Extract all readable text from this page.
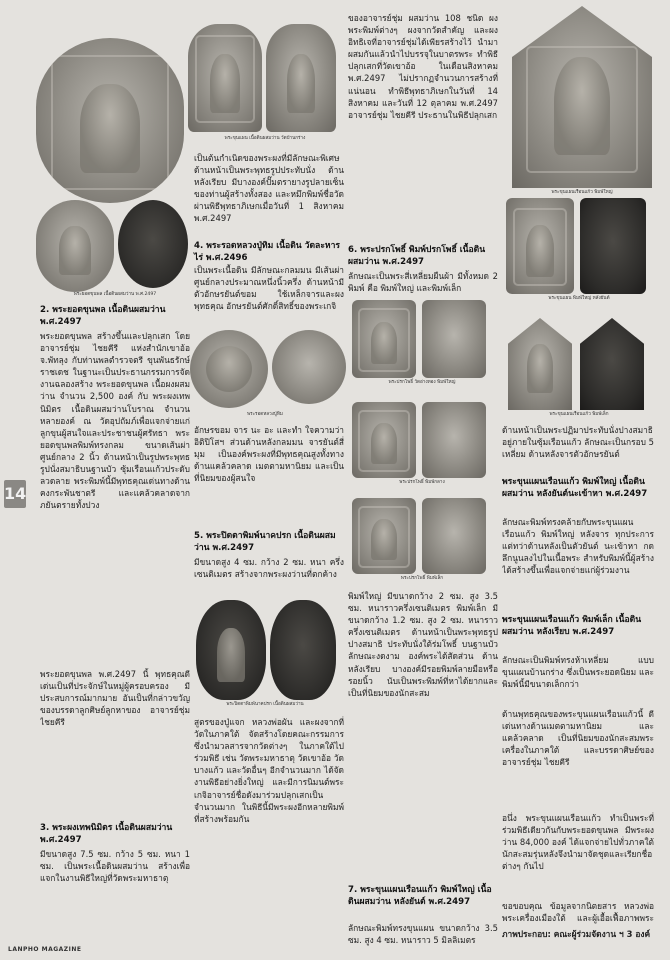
พระยอดขุนพล เนื้อดินผสมว่าน พ.ศ.2497
พระขุนแผน เนื้อดินผสมว่าน วัดบ้านกร่าง
2. พระยอดขุนพล เนื้อดินผสมว่าน พ.ศ.2497
พระยอดขุนพล สร้างขึ้นและปลุกเสก โดย อาจารย์ชุ่ม ไชยคีรี แห่งสำนักเขาอ้อ จ.พัทลุง กับท่านพลตำรวจตรี ขุนพันธรักษ์ราชเดช ในฐานะเป็นประธานกรรมการจัดงานฉลองสร้าง พระยอดขุนพล เนื้อผงผสมว่าน จำนวน 2,500 องค์ กับ พระผงเทพนิมิตร เนื้อดินผสมว่านโบราณ จำนวนหลายองค์ ณ วัดอุปถัมภ์เพื่อแจกจ่ายแก่ลูกขุนผู้สนใจและประชาชนผู้ศรัทธา พระยอดขุนพลพิมพ์ทรงกลม ขนาดเส้นผ่าศูนย์กลาง 2 นิ้ว ด้านหน้าเป็นรูปพระพุทธรูปนั่งสมาธิบนฐานบัว ซุ้มเรือนแก้วประดับลวดลาย พระพิมพ์นี้มีพุทธคุณเด่นทางด้านคงกระพันชาตรี และแคล้วคลาดจากภยันตรายทั้งปวง
พระยอดขุนพล พ.ศ.2497 นี้ พุทธคุณดีเด่นเป็นที่ประจักษ์ในหมู่ผู้ครอบครอง มีประสบการณ์มากมาย อันเป็นที่กล่าวขวัญของบรรดาลูกศิษย์ลูกหาของ อาจารย์ชุ่ม ไชยคีรี
3. พระผงเทพนิมิตร เนื้อดินผสมว่าน พ.ศ.2497
มีขนาดสูง 7.5 ซม. กว้าง 5 ซม. หนา 1 ซม. เป็นพระเนื้อดินผสมว่าน สร้างเพื่อแจกในงานพิธีใหญ่ที่วัดพระมหาธาตุ
เป็นต้นกำเนิดของพระผงที่มีลักษณะพิเศษ ด้านหน้าเป็นพระพุทธรูปประทับนั่ง ด้านหลังเรียบ มีบางองค์ปั๊มตรายางรูปลายเซ็นของท่านผู้สร้างทั้งสอง และหมึกพิมพ์ชื่อวัด ผ่านพิธีพุทธาภิเษกเมื่อวันที่ 1 สิงหาคม พ.ศ.2497
4. พระรอดหลวงปู่ทิม เนื้อดิน วัดละหารไร่ พ.ศ.2496
เป็นพระเนื้อดิน มีลักษณะกลมมน มีเส้นผ่าศูนย์กลางประมาณหนึ่งนิ้วครึ่ง ด้านหน้ามีตัวอักษรยันต์ขอม ใช้เหล็กจารและผงพุทธคุณ อักษรยันต์ศักดิ์สิทธิ์ของพระเกจิ
พระรอดหลวงปู่ทิม
อักษรขอม จาร นะ อะ และทำ ใจความว่าอิติปิโสฯ ส่วนด้านหลังกลมมน จารยันต์สี่มุม เป็นองค์พระผงที่มีพุทธคุณสูงทั้งทางด้านแคล้วคลาด เมตตามหานิยม และเป็นที่นิยมของผู้สนใจ
5. พระปิดตาพิมพ์นาคปรก เนื้อดินผสมว่าน พ.ศ.2497
มีขนาดสูง 4 ซม. กว้าง 2 ซม. หนา ครึ่งเซนติเมตร สร้างจากพระผงว่านที่ตกค้าง
พระปิดตาพิมพ์นาคปรก เนื้อดินผสมว่าน
สูตรของปู่แจก หลวงพ่อผัน และผงจากที่วัดในภาคใต้ จัดสร้างโดยคณะกรรมการ ซึ่งนำมวลสารจากวัดต่างๆ ในภาคใต้ไปร่วมพิธี เช่น วัดพระมหาธาตุ วัดเขาอ้อ วัดบางแก้ว และวัดอื่นๆ อีกจำนวนมาก ได้จัดงานพิธีอย่างยิ่งใหญ่ และมีการนิมนต์พระเกจิอาจารย์ชื่อดังมาร่วมปลุกเสกเป็นจำนวนมาก ในพิธีนี้มีพระผงอีกหลายพิมพ์ที่สร้างพร้อมกัน
ของอาจารย์ชุ่ม ผสมว่าน 108 ชนิด ผงพระพิมพ์ต่างๆ ผงจากวัดสำคัญ และผงอิทธิเจที่อาจารย์ชุ่มได้เพียรสร้างไว้ นำมาผสมกันแล้วนำไปบรรจุในบาตรพระ ทำพิธีปลุกเสกที่วัดเขาอ้อ ในเดือนสิงหาคม พ.ศ.2497 ไม่ปรากฏจำนวนการสร้างที่แน่นอน ทำพิธีพุทธาภิเษกในวันที่ 14 สิงหาคม และวันที่ 12 ตุลาคม พ.ศ.2497 อาจารย์ชุ่ม ไชยคีรี ประธานในพิธีปลุกเสก
6. พระปรกโพธิ์ พิมพ์ปรกโพธิ์ เนื้อดินผสมว่าน พ.ศ.2497
ลักษณะเป็นพระสี่เหลี่ยมผืนผ้า มีทั้งหมด 2 พิมพ์ คือ พิมพ์ใหญ่ และพิมพ์เล็ก
พระปรกโพธิ์ วัดอ่างทอง พิมพ์ใหญ่
พระปรกโพธิ์ พิมพ์กลาง
พระปรกโพธิ์ พิมพ์เล็ก
พิมพ์ใหญ่ มีขนาดกว้าง 2 ซม. สูง 3.5 ซม. หนาราวครึ่งเซนติเมตร พิมพ์เล็ก มีขนาดกว้าง 1.2 ซม. สูง 2 ซม. หนาราวครึ่งเซนติเมตร ด้านหน้าเป็นพระพุทธรูปปางสมาธิ ประทับนั่งใต้ร่มโพธิ์ บนฐานบัว ลักษณะงดงาม องค์พระได้สัดส่วน ด้านหลังเรียบ บางองค์มีรอยพิมพ์ลายมือหรือรอยนิ้ว นับเป็นพระพิมพ์ที่หาได้ยากและเป็นที่นิยมของนักสะสม
7. พระขุนแผนเรือนแก้ว พิมพ์ใหญ่ เนื้อดินผสมว่าน หลังยันต์ พ.ศ.2497
ลักษณะพิมพ์ทรงขุนแผน ขนาดกว้าง 3.5 ซม. สูง 4 ซม. หนาราว 5 มิลลิเมตร
พระขุนแผนเรือนแก้ว พิมพ์ใหญ่
พระขุนแผน พิมพ์ใหญ่ หลังยันต์
พระขุนแผนเรือนแก้ว พิมพ์เล็ก
ด้านหน้าเป็นพระปฏิมาประทับนั่งปางสมาธิ อยู่ภายในซุ้มเรือนแก้ว ลักษณะเป็นกรอบ 5 เหลี่ยม ด้านหลังจารตัวอักษรยันต์
พระขุนแผนเรือนแก้ว พิมพ์ใหญ่ เนื้อดินผสมว่าน หลังยันต์นะเข้าหา พ.ศ.2497
ลักษณะพิมพ์ทรงคล้ายกับพระขุนแผนเรือนแก้ว พิมพ์ใหญ่ หลังจาร ทุกประการ แต่ทว่าด้านหลังเป็นตัวยันต์ นะเข้าหา กดลึกนูนลงไปในเนื้อพระ สำหรับพิมพ์นี้ผู้สร้างได้สร้างขึ้นเพื่อแจกจ่ายแก่ผู้ร่วมงาน
พระขุนแผนเรือนแก้ว พิมพ์เล็ก เนื้อดินผสมว่าน หลังเรียบ พ.ศ.2497
ลักษณะเป็นพิมพ์ทรงห้าเหลี่ยม แบบขุนแผนบ้านกร่าง ซึ่งเป็นพระยอดนิยม และพิมพ์นี้มีขนาดเล็กกว่า
ด้านพุทธคุณของพระขุนแผนเรือนแก้วนี้ ดีเด่นทางด้านเมตตามหานิยม และแคล้วคลาด เป็นที่นิยมของนักสะสมพระเครื่องในภาคใต้ และบรรดาศิษย์ของ อาจารย์ชุ่ม ไชยคีรี
อนึ่ง พระขุนแผนเรือนแก้ว ทำเป็นพระที่ร่วมพิธีเดียวกันกับพระยอดขุนพล มีพระผงว่าน 84,000 องค์ ได้แจกจ่ายไปทั่วภาคใต้ นักสะสมรุ่นหลังจึงนำมาจัดชุดและเรียกชื่อต่างๆ กันไป
ขอขอบคุณ ข้อมูลจากนิตยสาร หลวงพ่อ พระเครื่องเมืองใต้ และผู้เอื้อเฟื้อภาพพระ
ภาพประกอบ: คณะผู้ร่วมจัดงาน ฯ 3 องค์
14
LANPHO MAGAZINE
